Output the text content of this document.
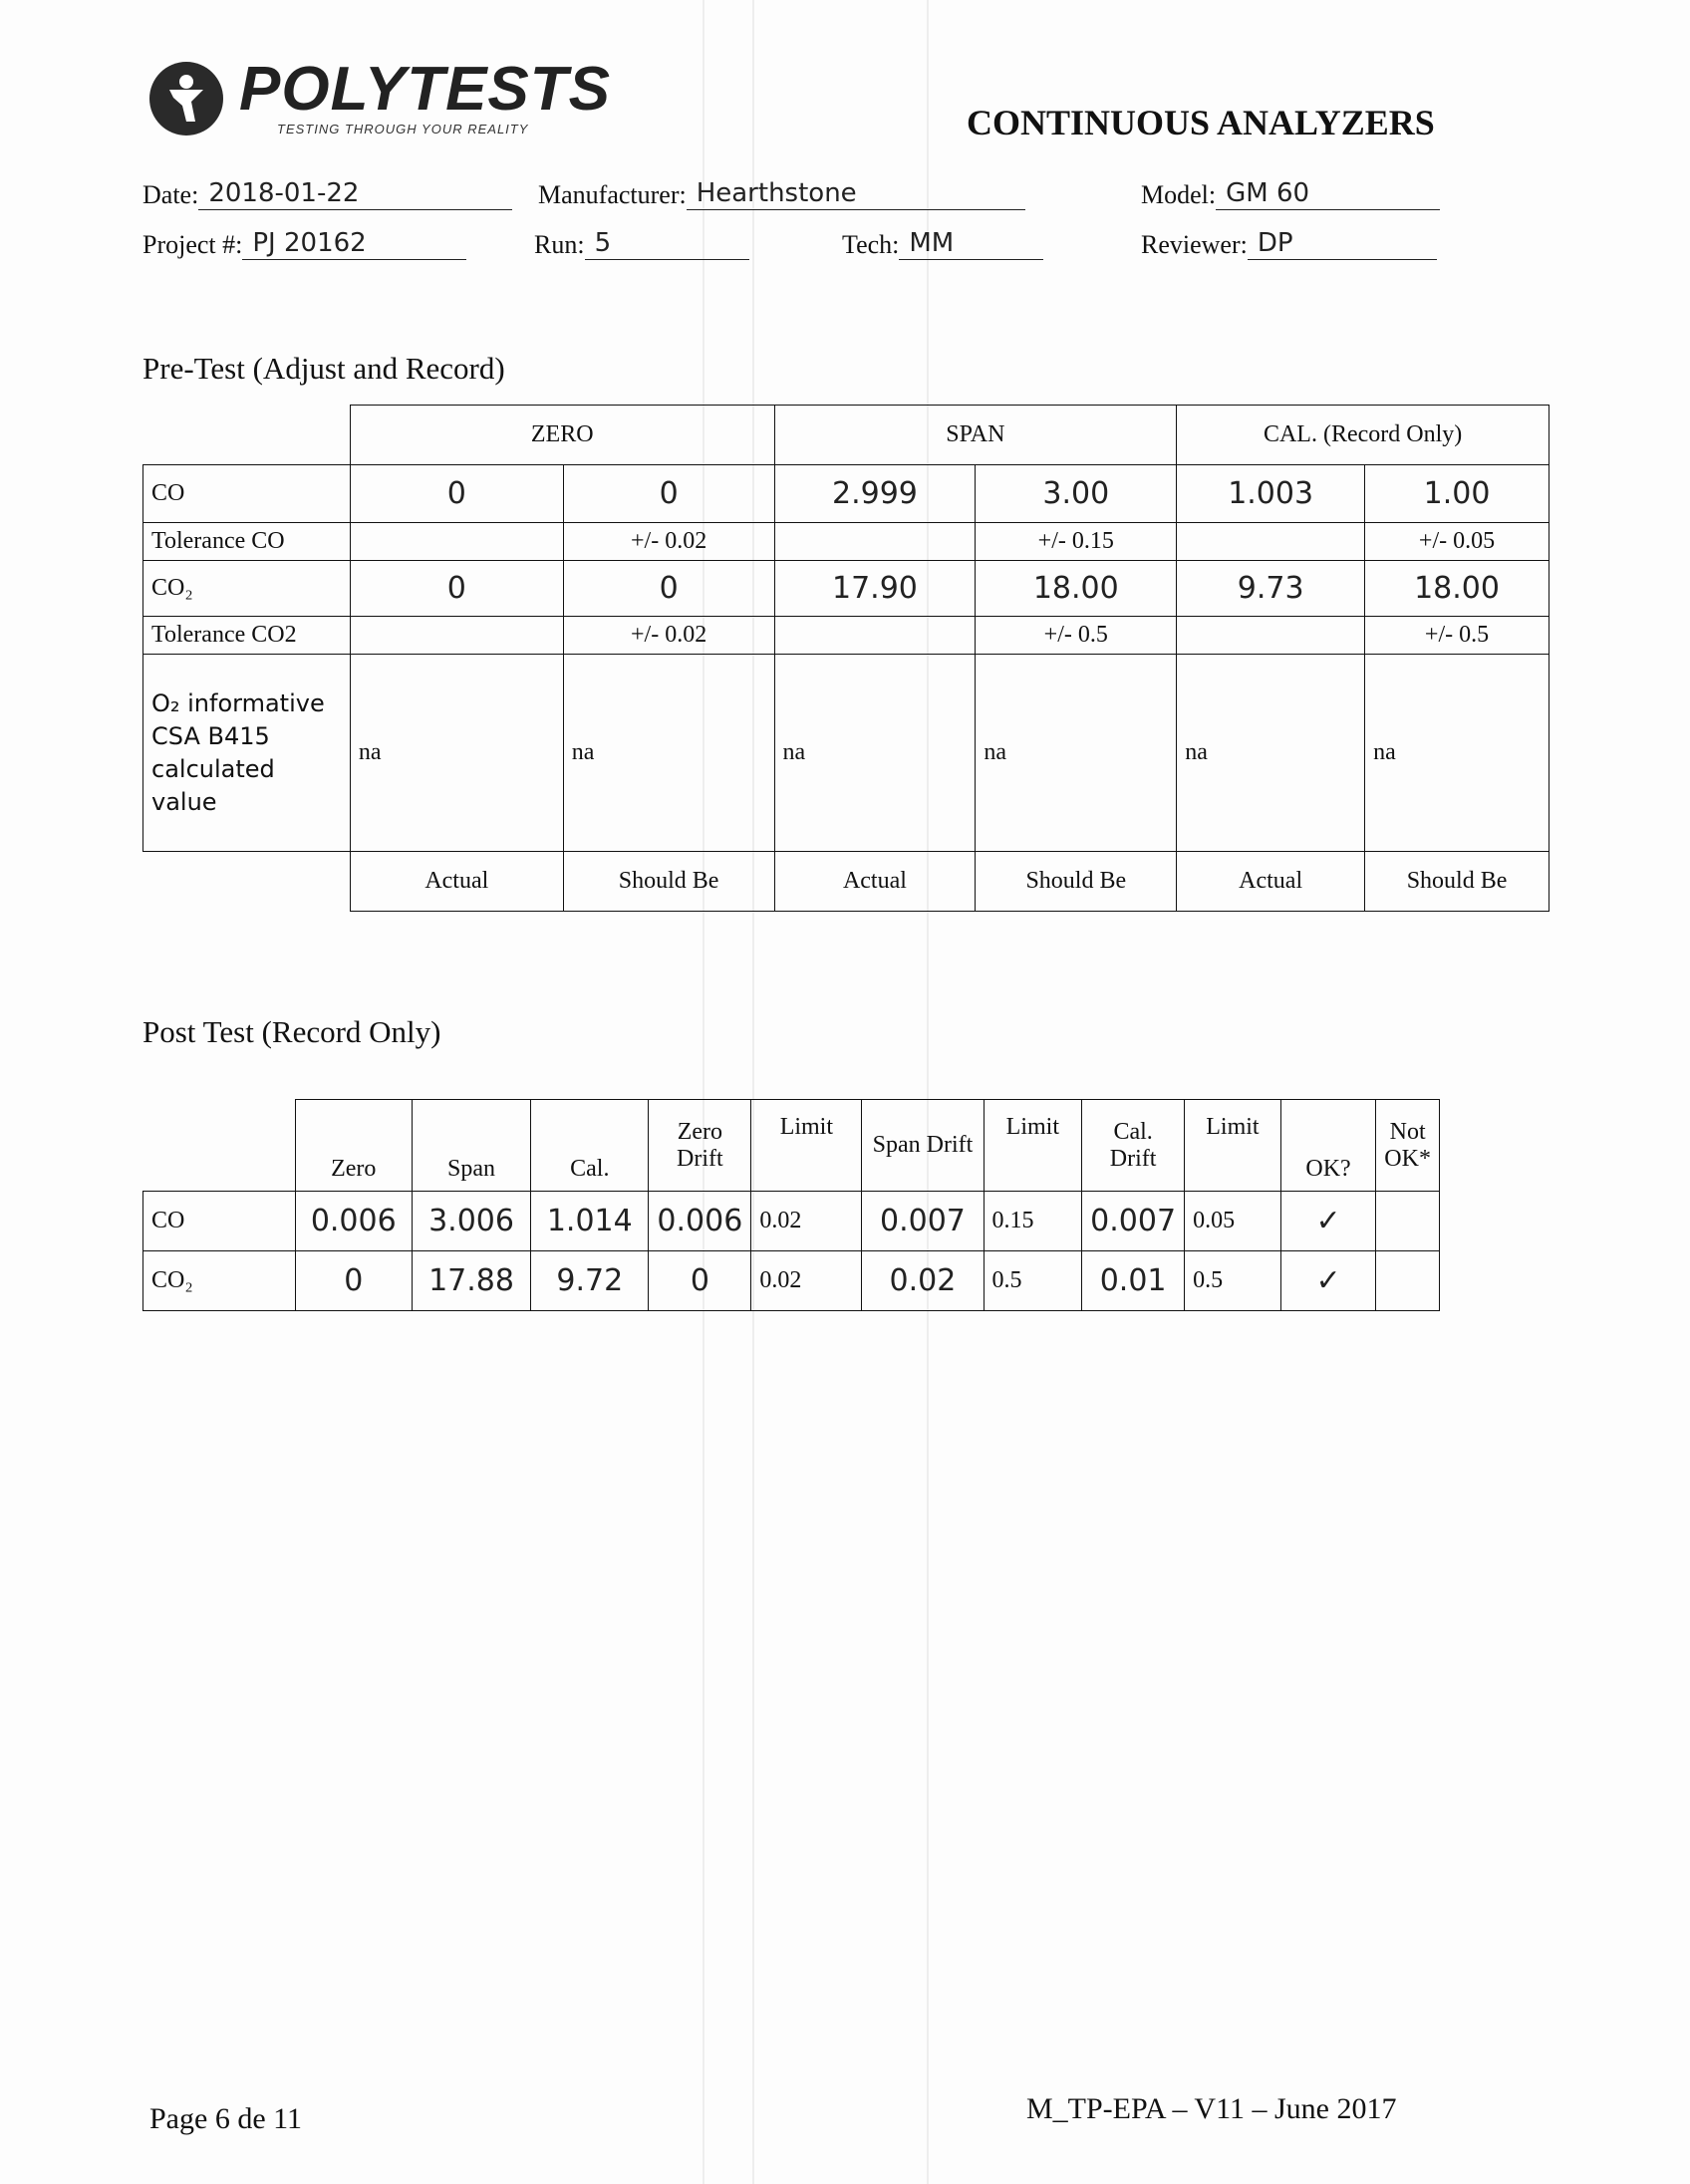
POLYTESTS
TESTING THROUGH YOUR REALITY	CONTINUOUS ANALYZERS
Date: 2018-01-22	Manufacturer: Hearthstone	Model: GM 60
Project #: PJ 20162	Run: 5	Tech: MM	Reviewer: DP
Pre-Test (Adjust and Record)
	ZERO		SPAN		CAL. (Record Only)	
CO	0	0	2.999	3.00	1.003	1.00
Tolerance CO		+/- 0.02		+/- 0.15		+/- 0.05
CO₂	0	0	17.90	18.00	9.73	18.00
Tolerance CO2		+/- 0.02		+/- 0.5		+/- 0.5
O₂ informative CSA B415 calculated value	na	na	na	na	na	na
	Actual	Should Be	Actual	Should Be	Actual	Should Be
Post Test (Record Only)
	Zero	Span	Cal.	Zero Drift	Limit	Span Drift	Limit	Cal. Drift	Limit	OK?	Not OK*
CO	0.006	3.006	1.014	0.006	0.02	0.007	0.15	0.007	0.05	✓	
CO₂	0	17.88	9.72	0	0.02	0.02	0.5	0.01	0.5	✓	
Page 6 de 11	M_TP-EPA – V11 – June 2017
